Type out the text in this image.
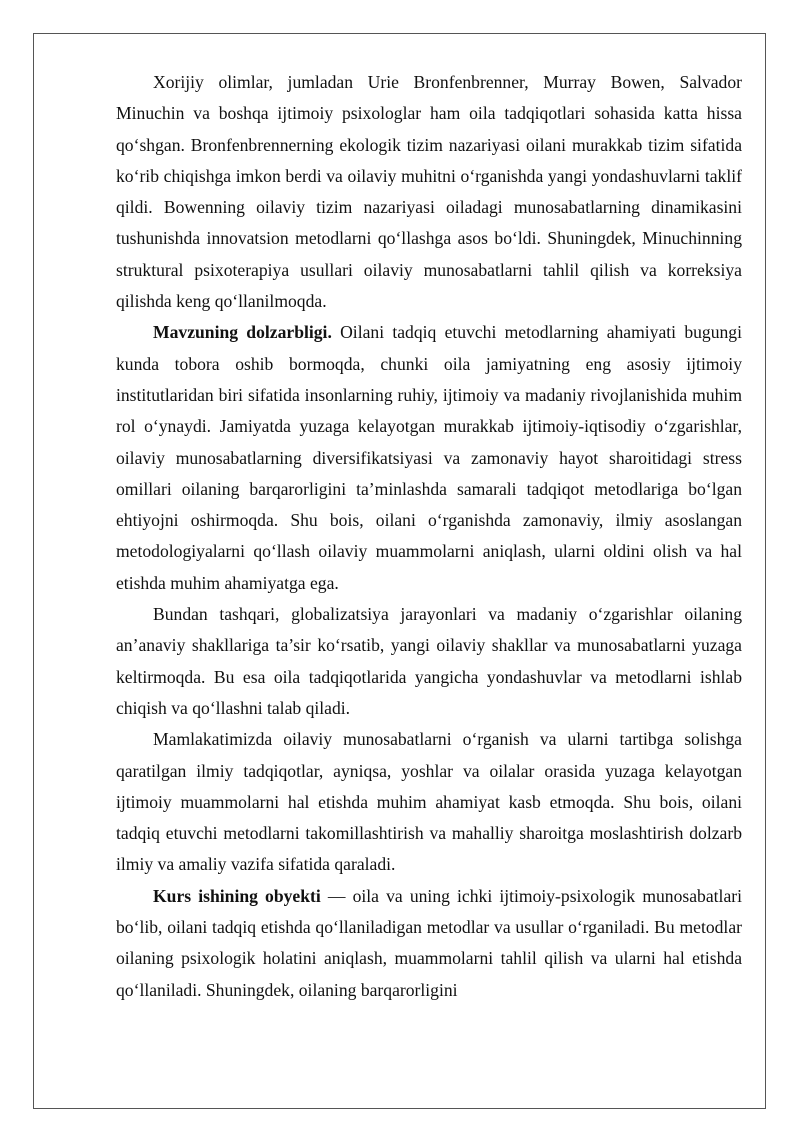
Xorijiy olimlar, jumladan Urie Bronfenbrenner, Murray Bowen, Salvador Minuchin va boshqa ijtimoiy psixologlar ham oila tadqiqotlari sohasida katta hissa qo‘shgan. Bronfenbrennerning ekologik tizim nazariyasi oilani murakkab tizim sifatida ko‘rib chiqishga imkon berdi va oilaviy muhitni o‘rganishda yangi yondashuvlarni taklif qildi. Bowenning oilaviy tizim nazariyasi oiladagi munosabatlarning dinamikasini tushunishda innovatsion metodlarni qo‘llashga asos bo‘ldi. Shuningdek, Minuchinning struktural psixoterapiya usullari oilaviy munosabatlarni tahlil qilish va korreksiya qilishda keng qo‘llanilmoqda.

Mavzuning dolzarbligi. Oilani tadqiq etuvchi metodlarning ahamiyati bugungi kunda tobora oshib bormoqda, chunki oila jamiyatning eng asosiy ijtimoiy institutlaridan biri sifatida insonlarning ruhiy, ijtimoiy va madaniy rivojlanishida muhim rol o‘ynaydi. Jamiyatda yuzaga kelayotgan murakkab ijtimoiy-iqtisodiy o‘zgarishlar, oilaviy munosabatlarning diversifikatsiyasi va zamonaviy hayot sharoitidagi stress omillari oilaning barqarorligini ta’minlashda samarali tadqiqot metodlariga bo‘lgan ehtiyojni oshirmoqda. Shu bois, oilani o‘rganishda zamonaviy, ilmiy asoslangan metodologiyalarni qo‘llash oilaviy muammolarni aniqlash, ularni oldini olish va hal etishda muhim ahamiyatga ega.

Bundan tashqari, globalizatsiya jarayonlari va madaniy o‘zgarishlar oilaning an’anaviy shakllariga ta’sir ko‘rsatib, yangi oilaviy shakllar va munosabatlarni yuzaga keltirmoqda. Bu esa oila tadqiqotlarida yangicha yondashuvlar va metodlarni ishlab chiqish va qo‘llashni talab qiladi.

Mamlakatimizda oilaviy munosabatlarni o‘rganish va ularni tartibga solishga qaratilgan ilmiy tadqiqotlar, ayniqsa, yoshlar va oilalar orasida yuzaga kelayotgan ijtimoiy muammolarni hal etishda muhim ahamiyat kasb etmoqda. Shu bois, oilani tadqiq etuvchi metodlarni takomillashtirish va mahalliy sharoitga moslashtirish dolzarb ilmiy va amaliy vazifa sifatida qaraladi.

Kurs ishining obyekti — oila va uning ichki ijtimoiy-psixologik munosabatlari bo‘lib, oilani tadqiq etishda qo‘llaniladigan metodlar va usullar o‘rganiladi. Bu metodlar oilaning psixologik holatini aniqlash, muammolarni tahlil qilish va ularni hal etishda qo‘llaniladi. Shuningdek, oilaning barqarorligini
